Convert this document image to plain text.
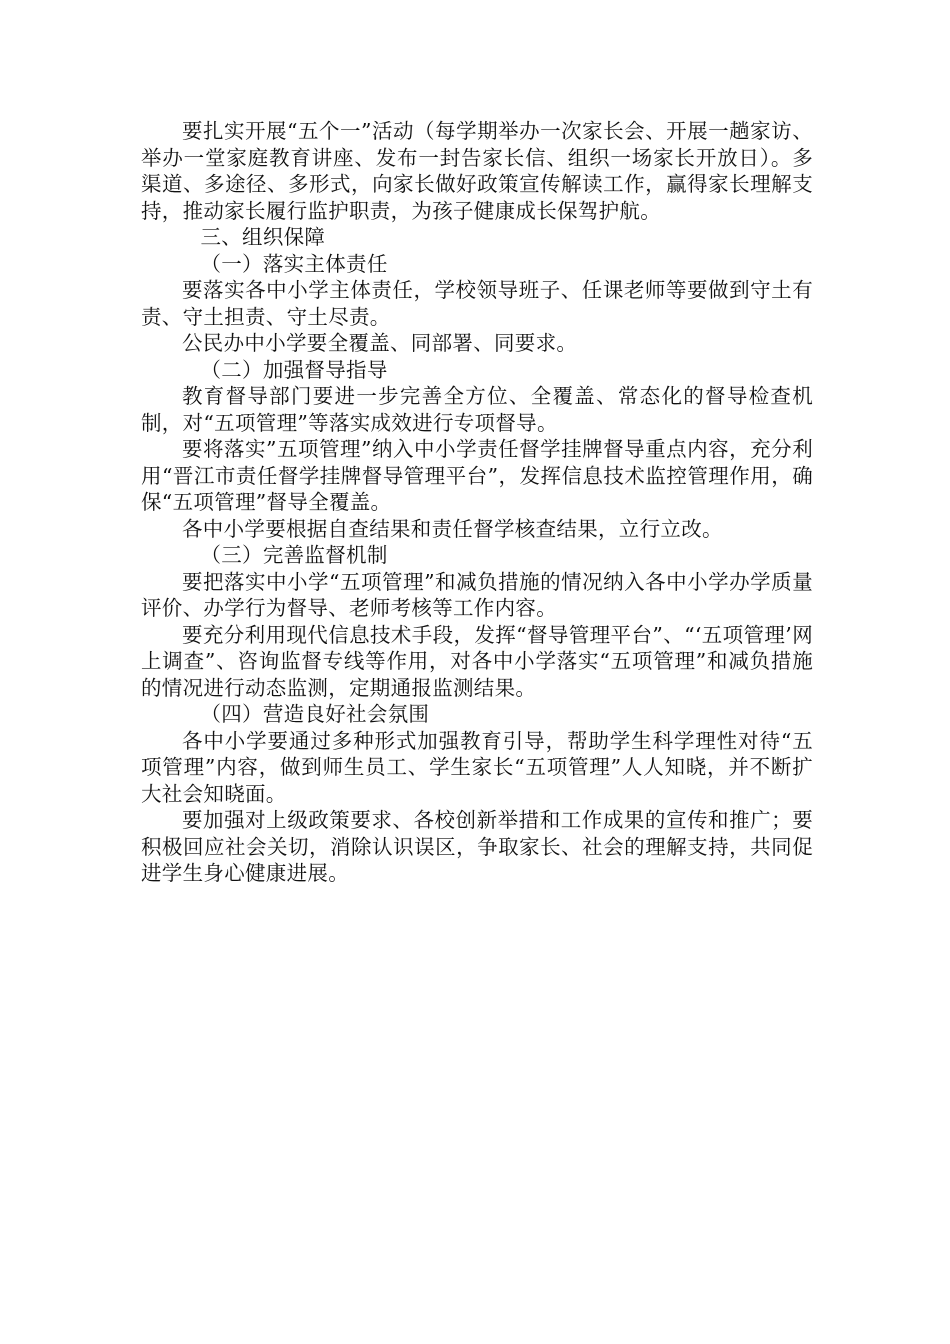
要扎实开展“五个一”活动（每学期举办一次家长会、开展一趟家访、举办一堂家庭教育讲座、发布一封告家长信、组织一场家长开放日）。多渠道、多途径、多形式，向家长做好政策宣传解读工作，赢得家长理解支持，推动家长履行监护职责，为孩子健康成长保驾护航。

三、组织保障

（一）落实主体责任

要落实各中小学主体责任，学校领导班子、任课老师等要做到守土有责、守土担责、守土尽责。

公民办中小学要全覆盖、同部署、同要求。

（二）加强督导指导

教育督导部门要进一步完善全方位、全覆盖、常态化的督导检查机制，对“五项管理”等落实成效进行专项督导。

要将落实”五项管理”纳入中小学责任督学挂牌督导重点内容，充分利用“晋江市责任督学挂牌督导管理平台”，发挥信息技术监控管理作用，确保“五项管理”督导全覆盖。

各中小学要根据自查结果和责任督学核查结果，立行立改。

（三）完善监督机制

要把落实中小学“五项管理”和减负措施的情况纳入各中小学办学质量评价、办学行为督导、老师考核等工作内容。

要充分利用现代信息技术手段，发挥“督导管理平台”、“‘五项管理’网上调查”、咨询监督专线等作用，对各中小学落实“五项管理”和减负措施的情况进行动态监测，定期通报监测结果。

（四）营造良好社会氛围

各中小学要通过多种形式加强教育引导，帮助学生科学理性对待“五项管理”内容，做到师生员工、学生家长“五项管理”人人知晓，并不断扩大社会知晓面。

要加强对上级政策要求、各校创新举措和工作成果的宣传和推广；要积极回应社会关切，消除认识误区，争取家长、社会的理解支持，共同促进学生身心健康进展。
